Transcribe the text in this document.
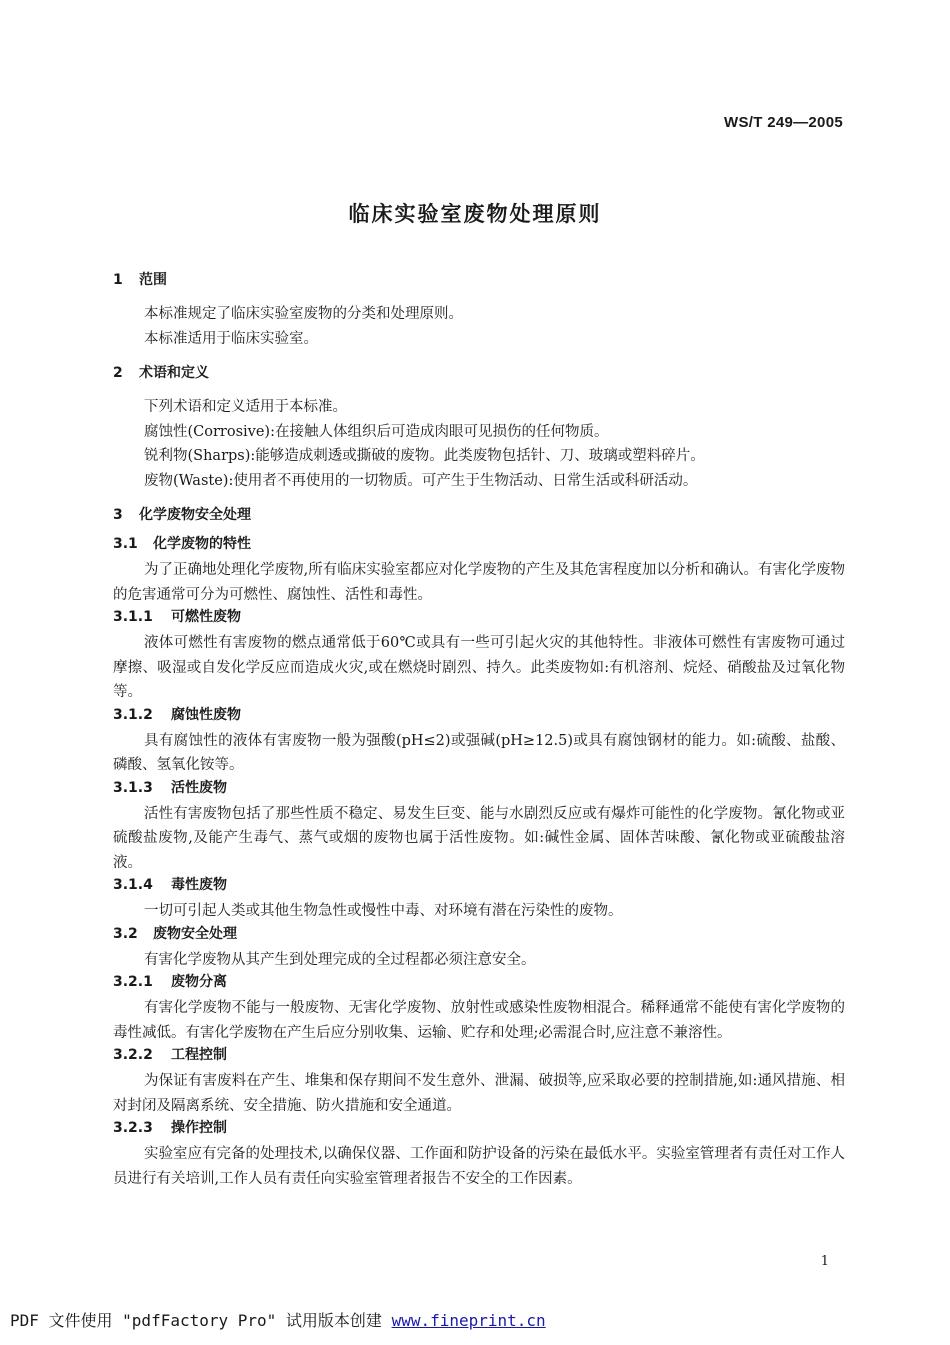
WS/T 249—2005
临床实验室废物处理原则
1 范围

本标准规定了临床实验室废物的分类和处理原则。

本标准适用于临床实验室。

2 术语和定义

下列术语和定义适用于本标准。

腐蚀性(Corrosive):在接触人体组织后可造成肉眼可见损伤的任何物质。

锐利物(Sharps):能够造成刺透或撕破的废物。此类废物包括针、刀、玻璃或塑料碎片。

废物(Waste):使用者不再使用的一切物质。可产生于生物活动、日常生活或科研活动。

3 化学废物安全处理
3.1 化学废物的特性

为了正确地处理化学废物,所有临床实验室都应对化学废物的产生及其危害程度加以分析和确认。有害化学废物的危害通常可分为可燃性、腐蚀性、活性和毒性。

3.1.1 可燃性废物

液体可燃性有害废物的燃点通常低于60℃或具有一些可引起火灾的其他特性。非液体可燃性有害废物可通过摩擦、吸湿或自发化学反应而造成火灾,或在燃烧时剧烈、持久。此类废物如:有机溶剂、烷烃、硝酸盐及过氧化物等。

3.1.2 腐蚀性废物

具有腐蚀性的液体有害废物一般为强酸(pH≤2)或强碱(pH≥12.5)或具有腐蚀钢材的能力。如:硫酸、盐酸、磷酸、氢氧化铵等。

3.1.3 活性废物

活性有害废物包括了那些性质不稳定、易发生巨变、能与水剧烈反应或有爆炸可能性的化学废物。氰化物或亚硫酸盐废物,及能产生毒气、蒸气或烟的废物也属于活性废物。如:碱性金属、固体苦味酸、氰化物或亚硫酸盐溶液。

3.1.4 毒性废物

一切可引起人类或其他生物急性或慢性中毒、对环境有潜在污染性的废物。

3.2 废物安全处理

有害化学废物从其产生到处理完成的全过程都必须注意安全。

3.2.1 废物分离

有害化学废物不能与一般废物、无害化学废物、放射性或感染性废物相混合。稀释通常不能使有害化学废物的毒性减低。有害化学废物在产生后应分别收集、运输、贮存和处理;必需混合时,应注意不兼溶性。

3.2.2 工程控制

为保证有害废料在产生、堆集和保存期间不发生意外、泄漏、破损等,应采取必要的控制措施,如:通风措施、相对封闭及隔离系统、安全措施、防火措施和安全通道。

3.2.3 操作控制

实验室应有完备的处理技术,以确保仪器、工作面和防护设备的污染在最低水平。实验室管理者有责任对工作人员进行有关培训,工作人员有责任向实验室管理者报告不安全的工作因素。

1
PDF 文件使用 "pdfFactory Pro" 试用版本创建 www.fineprint.cn
